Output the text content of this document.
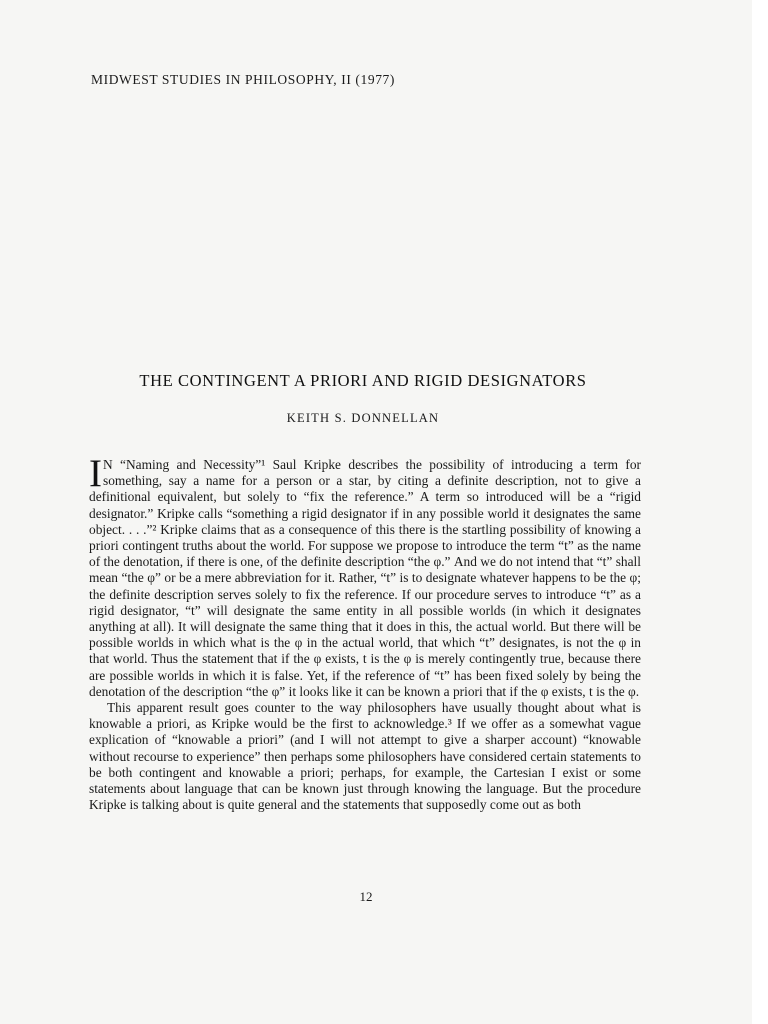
MIDWEST STUDIES IN PHILOSOPHY, II (1977)

THE CONTINGENT A PRIORI AND RIGID DESIGNATORS

KEITH S. DONNELLAN

I N “Naming and Necessity”¹ Saul Kripke describes the possibility of introducing a term for something, say a name for a person or a star, by citing a definite description, not to give a definitional equivalent, but solely to “fix the reference.” A term so introduced will be a “rigid designator.” Kripke calls “something a rigid designator if in any possible world it designates the same object. . . .”² Kripke claims that as a consequence of this there is the startling possibility of knowing a priori contingent truths about the world. For suppose we propose to introduce the term “t” as the name of the denotation, if there is one, of the definite description “the φ.” And we do not intend that “t” shall mean “the φ” or be a mere abbreviation for it. Rather, “t” is to designate whatever happens to be the φ; the definite description serves solely to fix the reference. If our procedure serves to introduce “t” as a rigid designator, “t” will designate the same entity in all possible worlds (in which it designates anything at all). It will designate the same thing that it does in this, the actual world. But there will be possible worlds in which what is the φ in the actual world, that which “t” designates, is not the φ in that world. Thus the statement that if the φ exists, t is the φ is merely contingently true, because there are possible worlds in which it is false. Yet, if the reference of “t” has been fixed solely by being the denotation of the description “the φ” it looks like it can be known a priori that if the φ exists, t is the φ.

This apparent result goes counter to the way philosophers have usually thought about what is knowable a priori, as Kripke would be the first to acknowledge.³ If we offer as a somewhat vague explication of “knowable a priori” (and I will not attempt to give a sharper account) “knowable without recourse to experience” then perhaps some philosophers have considered certain statements to be both contingent and knowable a priori; perhaps, for example, the Cartesian I exist or some statements about language that can be known just through knowing the language. But the procedure Kripke is talking about is quite general and the statements that supposedly come out as both

12
